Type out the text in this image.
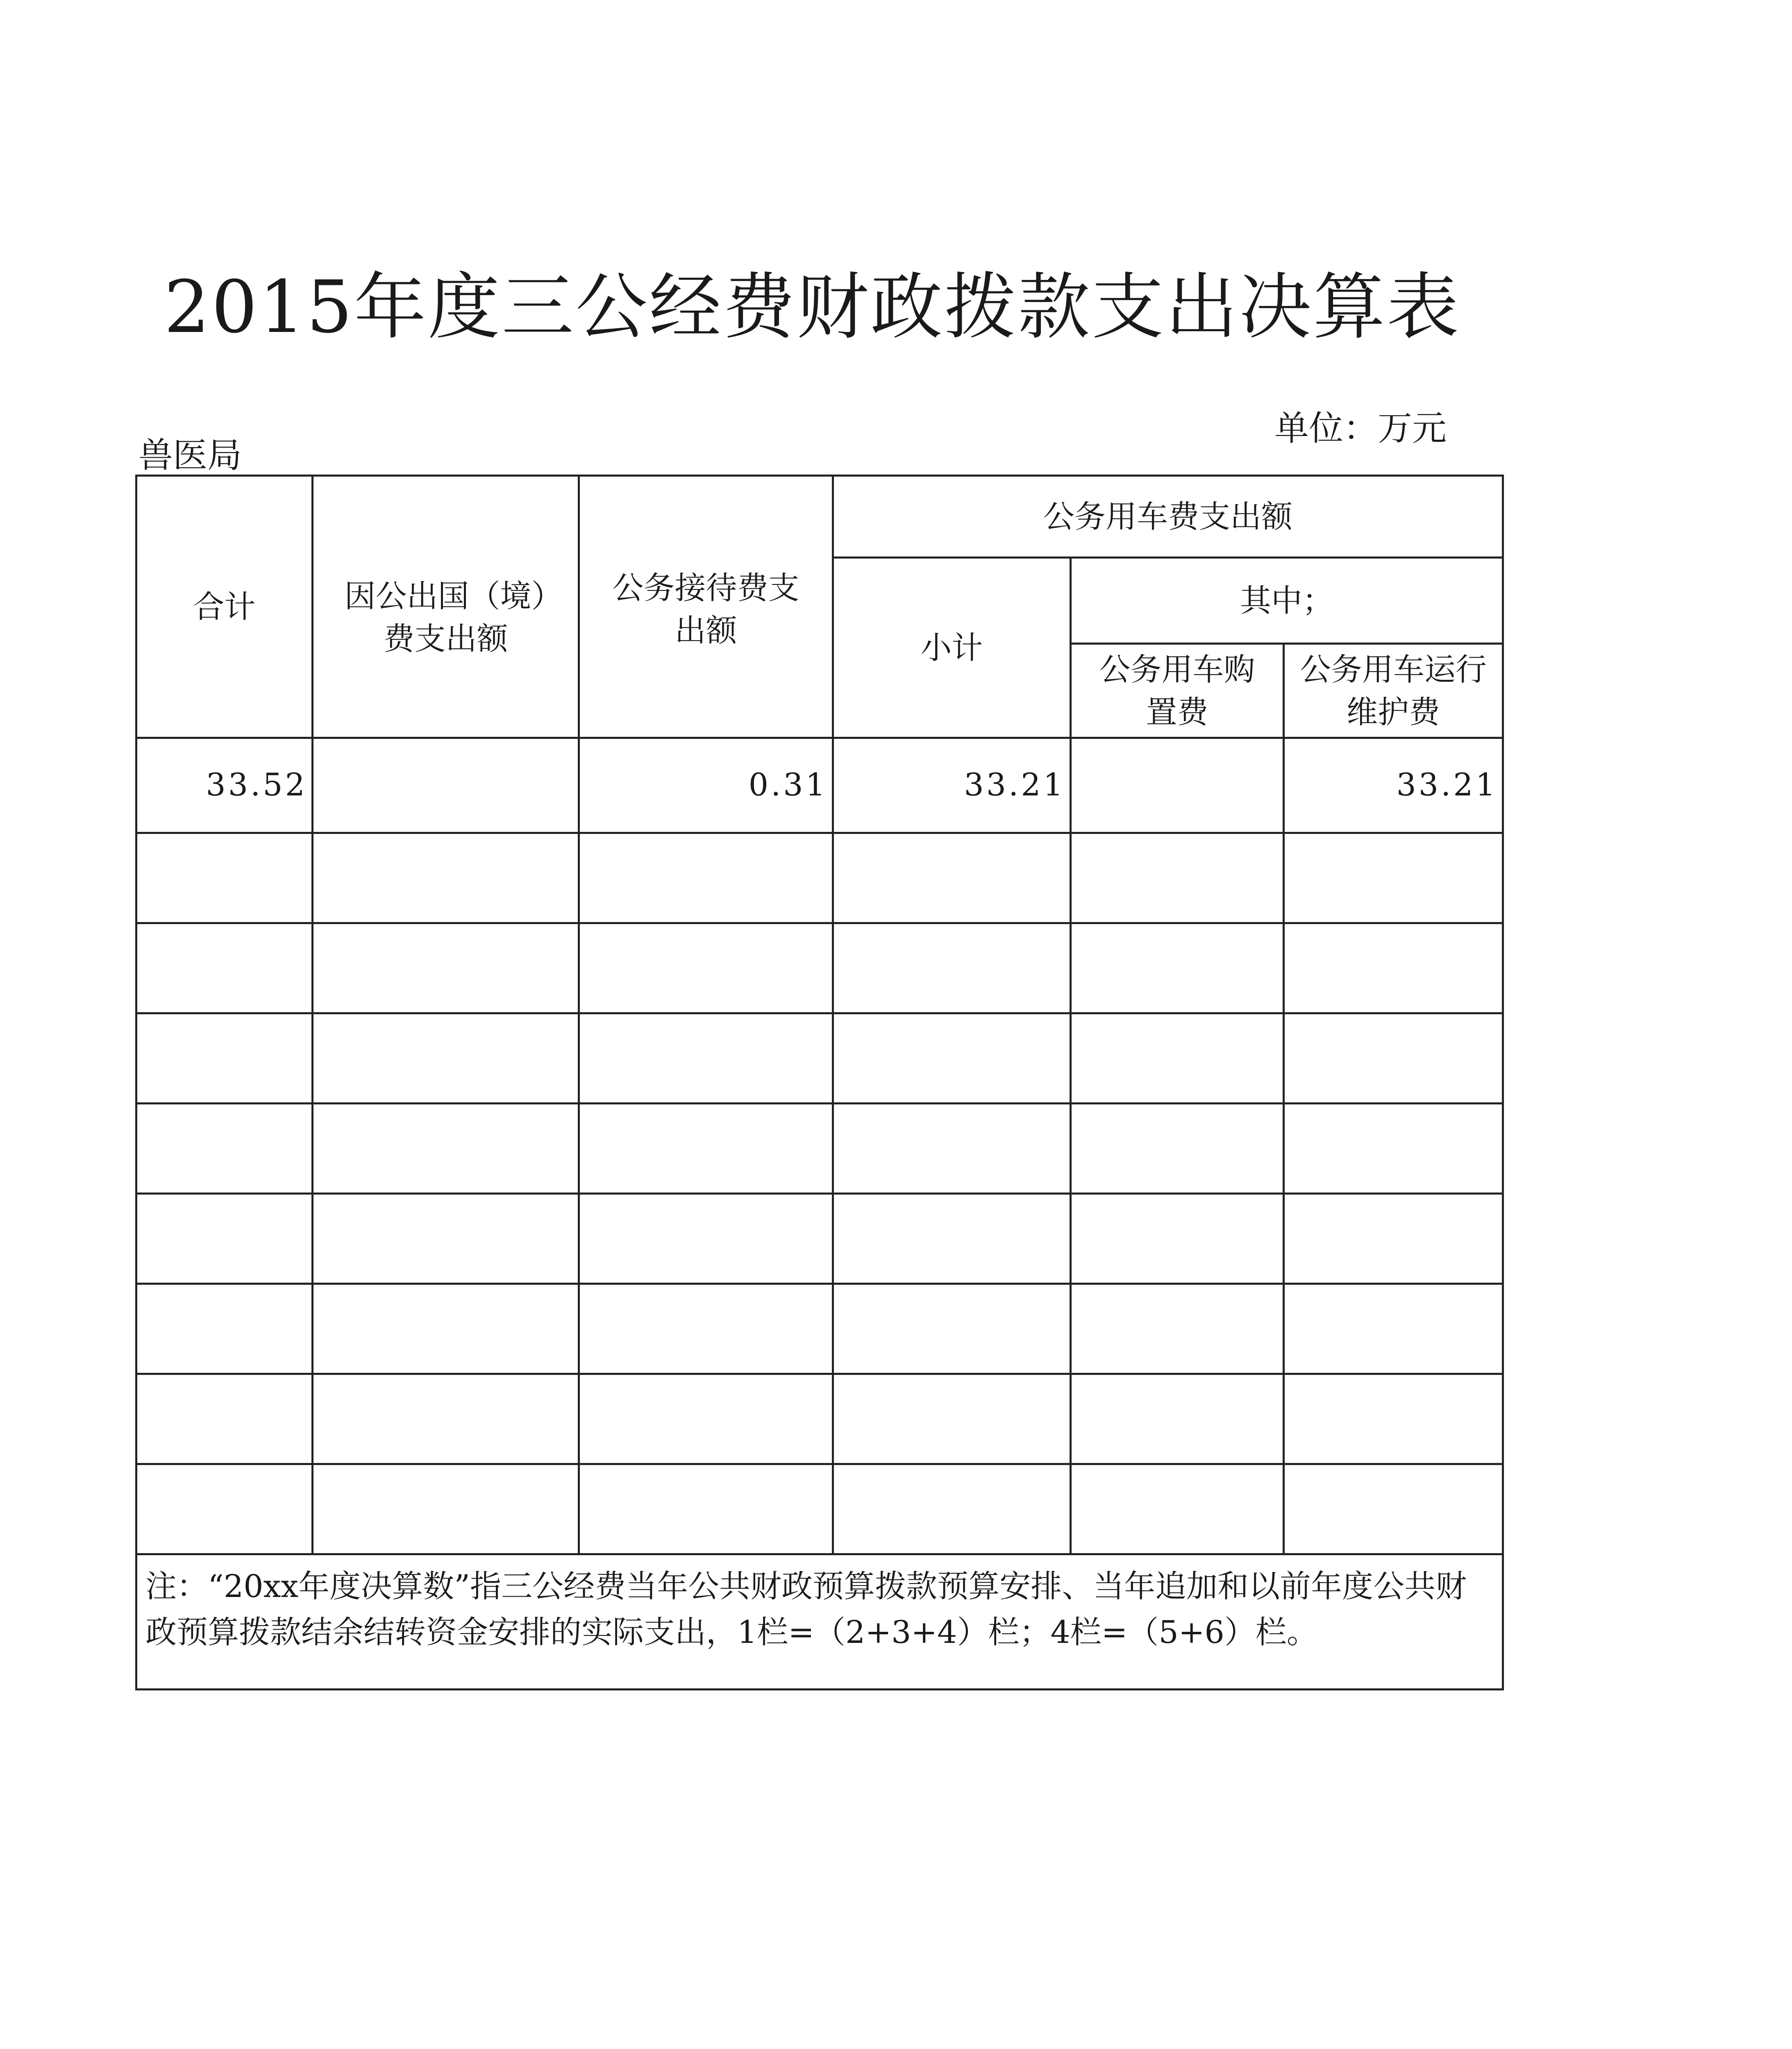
2015年度三公经费财政拨款支出决算表
单位：万元
兽医局
合计	因公出国（境）费支出额	公务接待费支出额	公务用车费支出额		
			小计	其中；	
				公务用车购置费	公务用车运行维护费
33.52		0.31	33.21		33.21

注：“20xx年度决算数”指三公经费当年公共财政预算拨款预算安排、当年追加和以前年度公共财政预算拨款结余结转资金安排的实际支出，1栏=（2+3+4）栏；4栏=（5+6）栏。					
